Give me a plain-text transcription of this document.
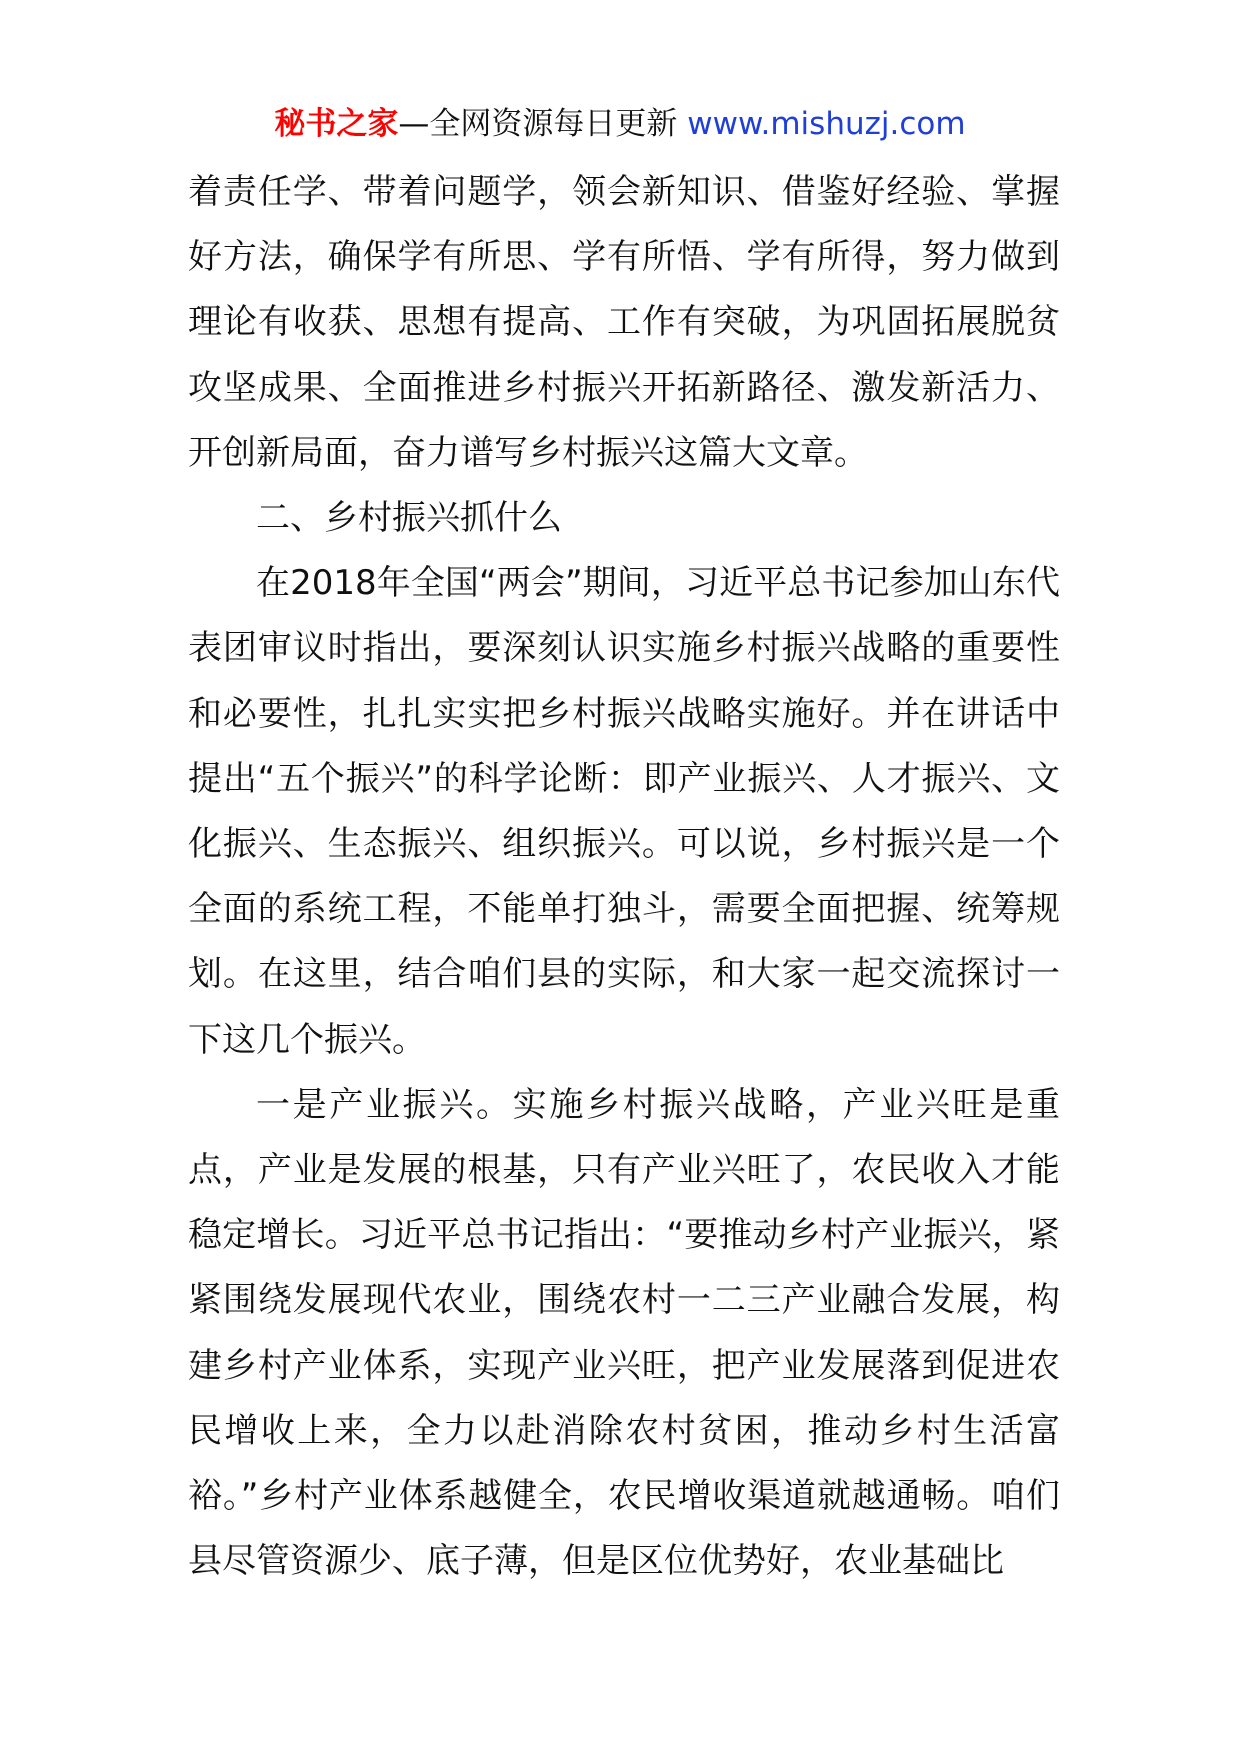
秘书之家—全网资源每日更新 www.mishuzj.com

着责任学、带着问题学，领会新知识、借鉴好经验、掌握好方法，确保学有所思、学有所悟、学有所得，努力做到理论有收获、思想有提高、工作有突破，为巩固拓展脱贫攻坚成果、全面推进乡村振兴开拓新路径、激发新活力、开创新局面，奋力谱写乡村振兴这篇大文章。

二、乡村振兴抓什么

在2018年全国“两会”期间，习近平总书记参加山东代表团审议时指出，要深刻认识实施乡村振兴战略的重要性和必要性，扎扎实实把乡村振兴战略实施好。并在讲话中提出“五个振兴”的科学论断：即产业振兴、人才振兴、文化振兴、生态振兴、组织振兴。可以说，乡村振兴是一个全面的系统工程，不能单打独斗，需要全面把握、统筹规划。在这里，结合咱们县的实际，和大家一起交流探讨一下这几个振兴。

一是产业振兴。实施乡村振兴战略，产业兴旺是重点，产业是发展的根基，只有产业兴旺了，农民收入才能稳定增长。习近平总书记指出：“要推动乡村产业振兴，紧紧围绕发展现代农业，围绕农村一二三产业融合发展，构建乡村产业体系，实现产业兴旺，把产业发展落到促进农民增收上来，全力以赴消除农村贫困，推动乡村生活富裕。”乡村产业体系越健全，农民增收渠道就越通畅。咱们县尽管资源少、底子薄，但是区位优势好，农业基础比
